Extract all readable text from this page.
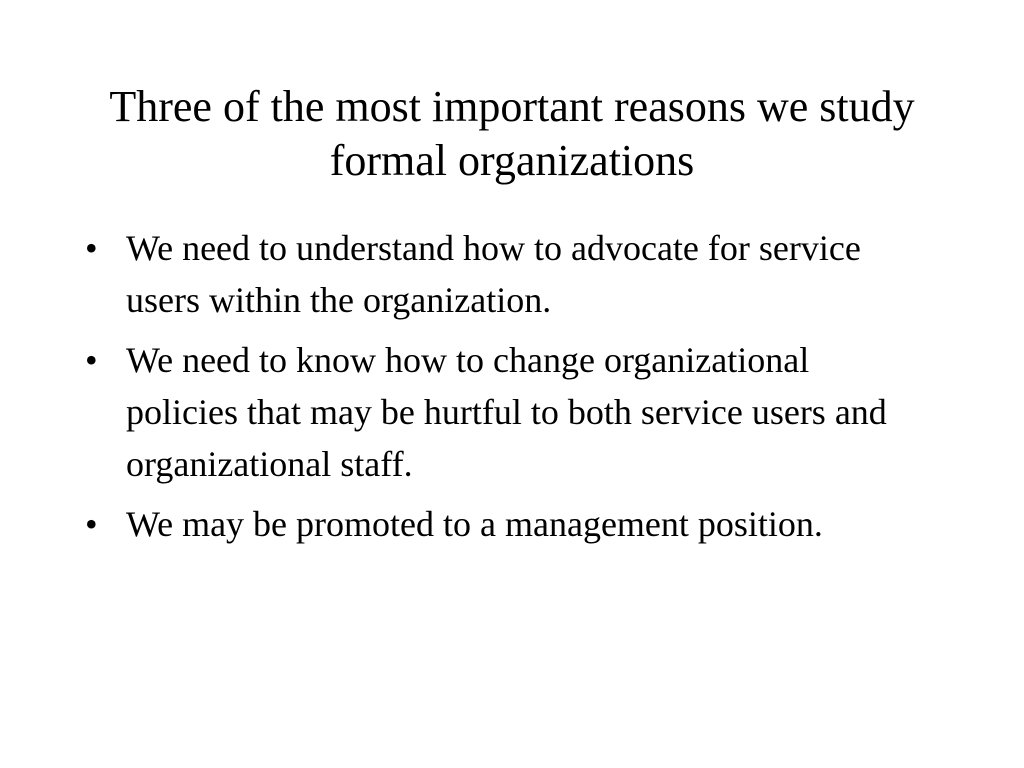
Three of the most important reasons we study formal organizations
• We need to understand how to advocate for service users within the organization.
• We need to know how to change organizational policies that may be hurtful to both service users and organizational staff.
• We may be promoted to a management position.
